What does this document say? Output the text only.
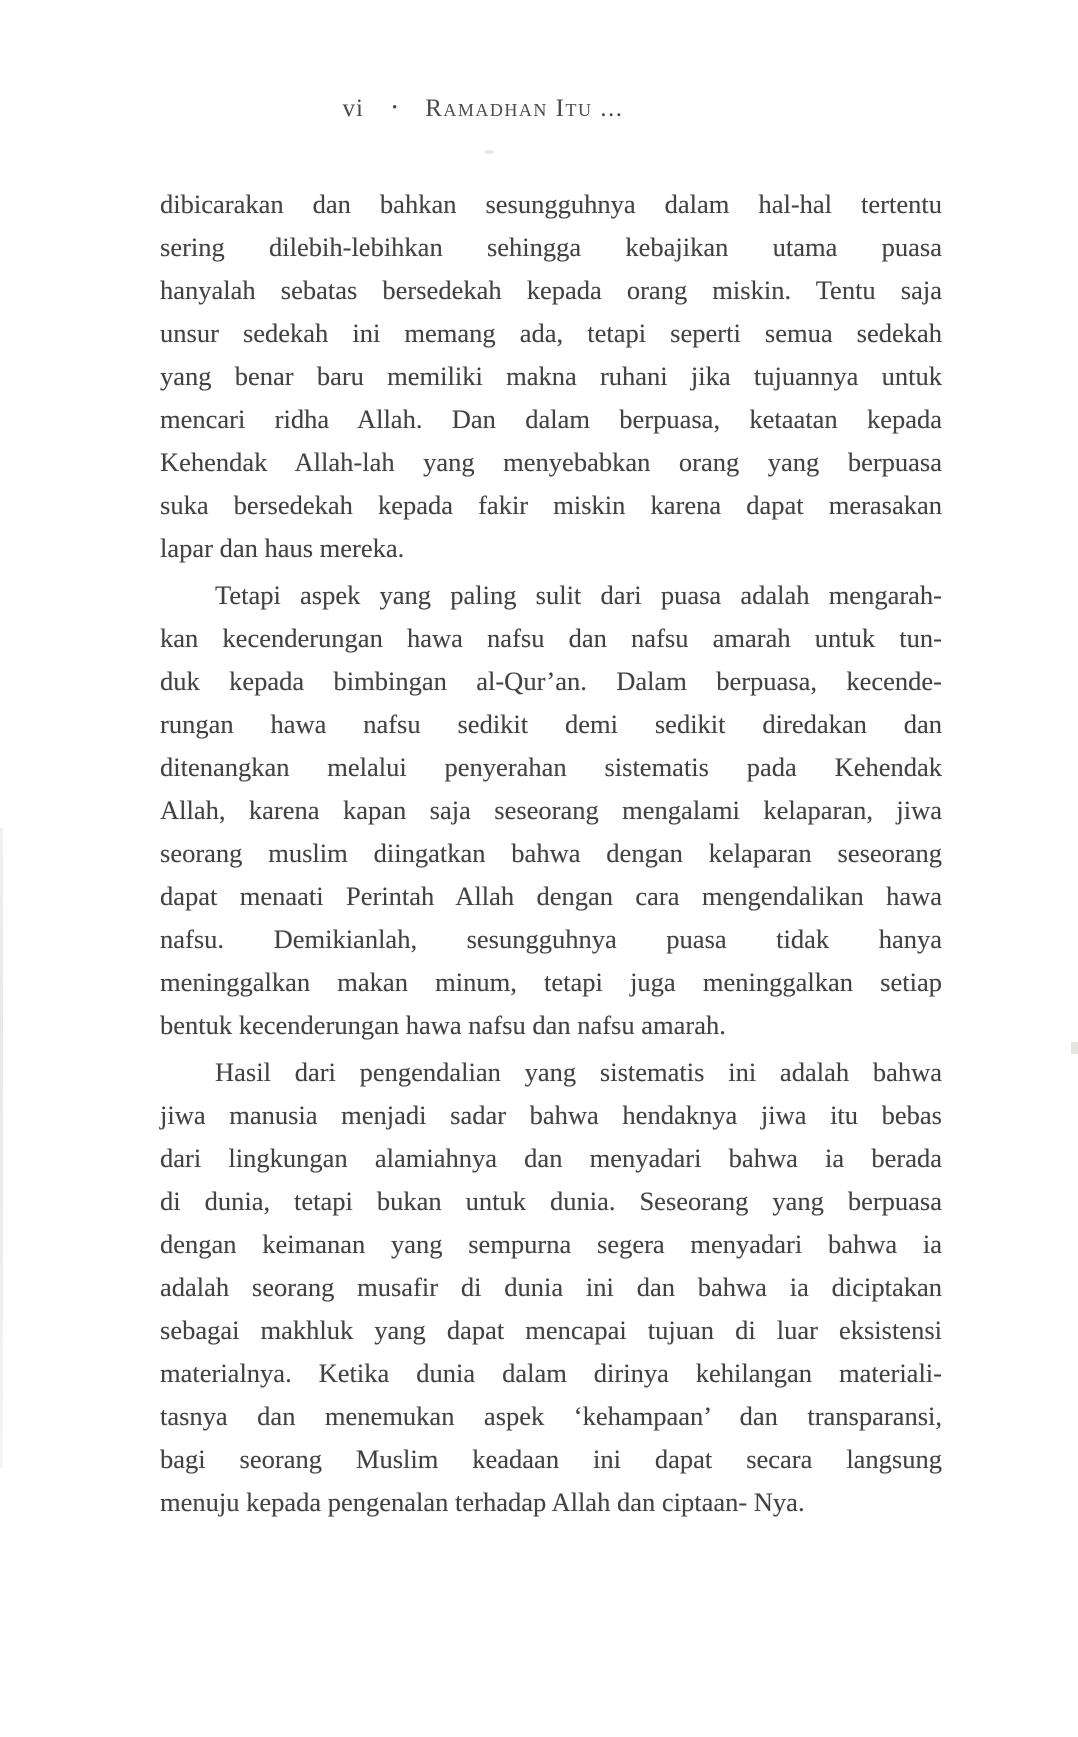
vi • Ramadhan Itu ...

dibicarakan dan bahkan sesungguhnya dalam hal-hal tertentu
sering dilebih-lebihkan sehingga kebajikan utama puasa
hanyalah sebatas bersedekah kepada orang miskin. Tentu saja
unsur sedekah ini memang ada, tetapi seperti semua sedekah
yang benar baru memiliki makna ruhani jika tujuannya untuk
mencari ridha Allah. Dan dalam berpuasa, ketaatan kepada
Kehendak Allah-lah yang menyebabkan orang yang berpuasa
suka bersedekah kepada fakir miskin karena dapat merasakan
lapar dan haus mereka.

Tetapi aspek yang paling sulit dari puasa adalah mengarah-
kan kecenderungan hawa nafsu dan nafsu amarah untuk tun-
duk kepada bimbingan al-Qur’an. Dalam berpuasa, kecende-
rungan hawa nafsu sedikit demi sedikit diredakan dan
ditenangkan melalui penyerahan sistematis pada Kehendak
Allah, karena kapan saja seseorang mengalami kelaparan, jiwa
seorang muslim diingatkan bahwa dengan kelaparan seseorang
dapat menaati Perintah Allah dengan cara mengendalikan hawa
nafsu. Demikianlah, sesungguhnya puasa tidak hanya
meninggalkan makan minum, tetapi juga meninggalkan setiap
bentuk kecenderungan hawa nafsu dan nafsu amarah.

Hasil dari pengendalian yang sistematis ini adalah bahwa
jiwa manusia menjadi sadar bahwa hendaknya jiwa itu bebas
dari lingkungan alamiahnya dan menyadari bahwa ia berada
di dunia, tetapi bukan untuk dunia. Seseorang yang berpuasa
dengan keimanan yang sempurna segera menyadari bahwa ia
adalah seorang musafir di dunia ini dan bahwa ia diciptakan
sebagai makhluk yang dapat mencapai tujuan di luar eksistensi
materialnya. Ketika dunia dalam dirinya kehilangan materiali-
tasnya dan menemukan aspek ‘kehampaan’ dan transparansi,
bagi seorang Muslim keadaan ini dapat secara langsung
menuju kepada pengenalan terhadap Allah dan ciptaan- Nya.
